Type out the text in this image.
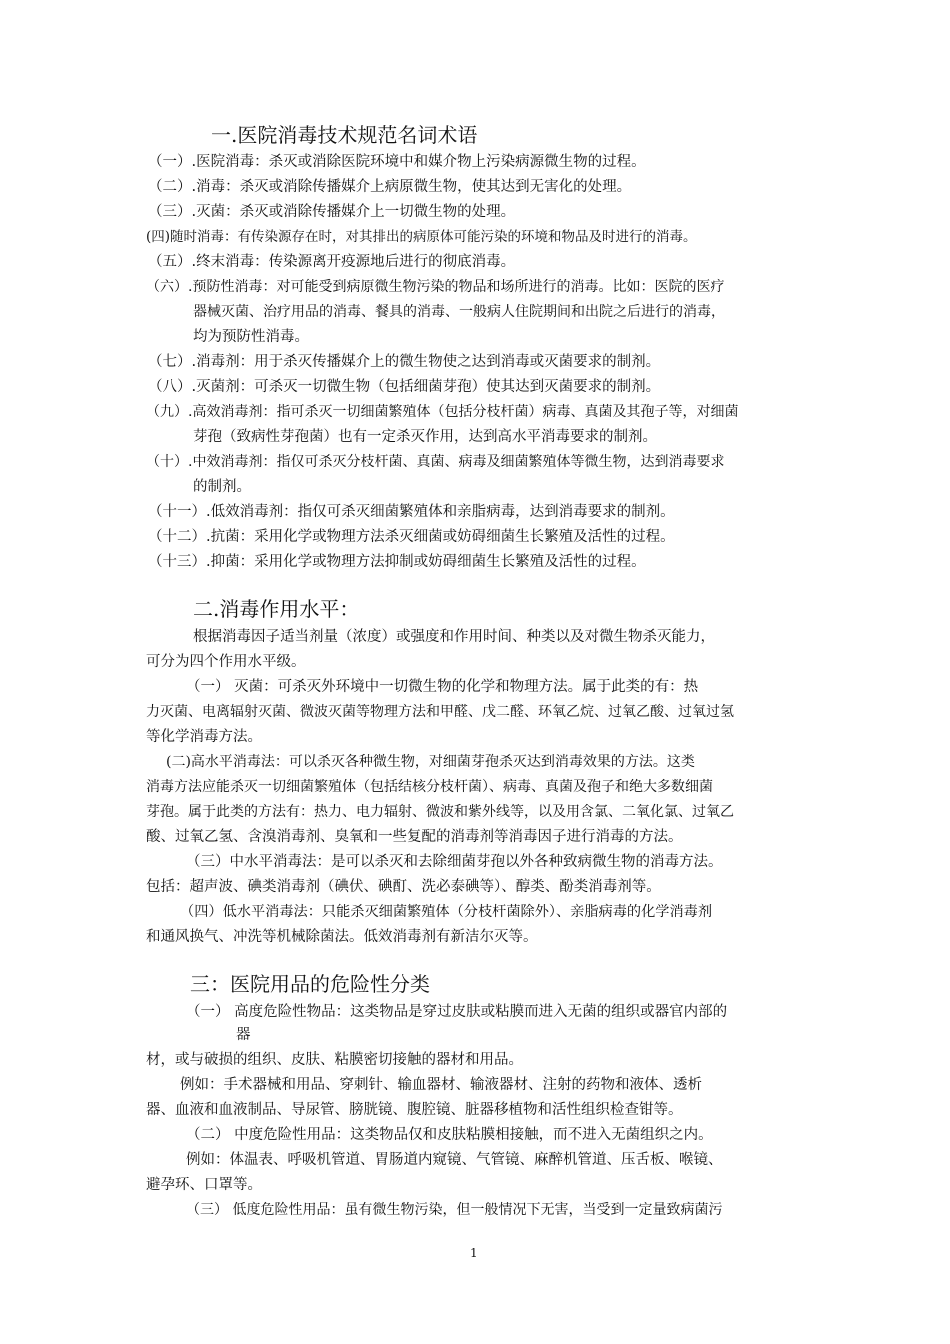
一.医院消毒技术规范名词术语
（一）.医院消毒：杀灭或消除医院环境中和媒介物上污染病源微生物的过程。
（二）.消毒：杀灭或消除传播媒介上病原微生物，使其达到无害化的处理。
（三）.灭菌：杀灭或消除传播媒介上一切微生物的处理。
(四)随时消毒：有传染源存在时，对其排出的病原体可能污染的环境和物品及时进行的消毒。
（五）.终末消毒：传染源离开疫源地后进行的彻底消毒。
（六）.预防性消毒：对可能受到病原微生物污染的物品和场所进行的消毒。比如：医院的医疗
器械灭菌、治疗用品的消毒、餐具的消毒、一般病人住院期间和出院之后进行的消毒，
均为预防性消毒。
（七）.消毒剂：用于杀灭传播媒介上的微生物使之达到消毒或灭菌要求的制剂。
（八）.灭菌剂：可杀灭一切微生物（包括细菌芽孢）使其达到灭菌要求的制剂。
（九）.高效消毒剂：指可杀灭一切细菌繁殖体（包括分枝杆菌）病毒、真菌及其孢子等，对细菌
芽孢（致病性芽孢菌）也有一定杀灭作用，达到高水平消毒要求的制剂。
（十）.中效消毒剂：指仅可杀灭分枝杆菌、真菌、病毒及细菌繁殖体等微生物，达到消毒要求
的制剂。
（十一）.低效消毒剂：指仅可杀灭细菌繁殖体和亲脂病毒，达到消毒要求的制剂。
（十二）.抗菌：采用化学或物理方法杀灭细菌或妨碍细菌生长繁殖及活性的过程。
（十三）.抑菌：采用化学或物理方法抑制或妨碍细菌生长繁殖及活性的过程。
二.消毒作用水平：
根据消毒因子适当剂量（浓度）或强度和作用时间、种类以及对微生物杀灭能力，
可分为四个作用水平级。
（一） 灭菌：可杀灭外环境中一切微生物的化学和物理方法。属于此类的有：热
力灭菌、电离辐射灭菌、微波灭菌等物理方法和甲醛、戊二醛、环氧乙烷、过氧乙酸、过氧过氢
等化学消毒方法。
(二)高水平消毒法：可以杀灭各种微生物，对细菌芽孢杀灭达到消毒效果的方法。这类
消毒方法应能杀灭一切细菌繁殖体（包括结核分枝杆菌）、病毒、真菌及孢子和绝大多数细菌
芽孢。属于此类的方法有：热力、电力辐射、微波和紫外线等，以及用含氯、二氧化氯、过氧乙
酸、过氧乙氢、含溴消毒剂、臭氧和一些复配的消毒剂等消毒因子进行消毒的方法。
（三）中水平消毒法：是可以杀灭和去除细菌芽孢以外各种致病微生物的消毒方法。
包括：超声波、碘类消毒剂（碘伏、碘酊、洗必泰碘等）、醇类、酚类消毒剂等。
（四）低水平消毒法：只能杀灭细菌繁殖体（分枝杆菌除外）、亲脂病毒的化学消毒剂
和通风换气、冲洗等机械除菌法。低效消毒剂有新洁尔灭等。
三：医院用品的危险性分类
（一） 高度危险性物品：这类物品是穿过皮肤或粘膜而进入无菌的组织或器官内部的
器
材，或与破损的组织、皮肤、粘膜密切接触的器材和用品。
例如：手术器械和用品、穿刺针、输血器材、输液器材、注射的药物和液体、透析
器、血液和血液制品、导尿管、膀胱镜、腹腔镜、脏器移植物和活性组织检查钳等。
（二） 中度危险性用品：这类物品仅和皮肤粘膜相接触，而不进入无菌组织之内。
例如：体温表、呼吸机管道、胃肠道内窥镜、气管镜、麻醉机管道、压舌板、喉镜、
避孕环、口罩等。
（三） 低度危险性用品：虽有微生物污染，但一般情况下无害，当受到一定量致病菌污
1
